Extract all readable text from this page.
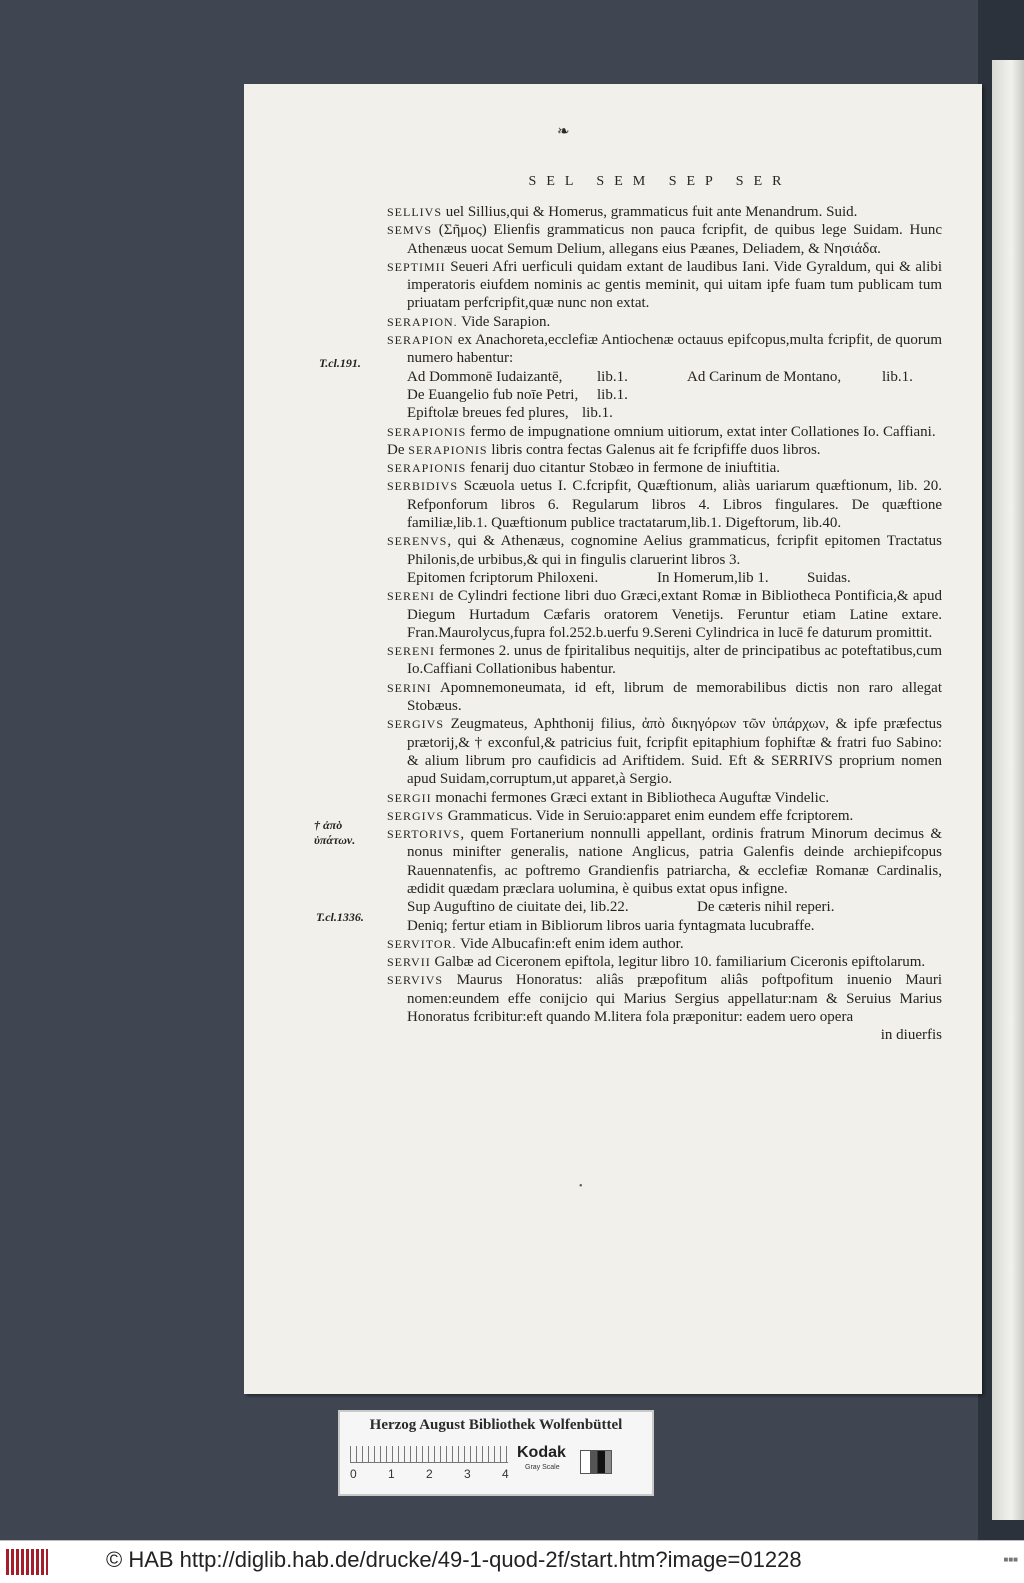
❧
SEL SEM SEP SER
T.cl.191.
† ἀπὸ ὑπάτων.
T.cl.1336.

SELLIVS uel Sillius,qui & Homerus, grammaticus fuit ante Menandrum. Suid.

SEMVS (Σῆμος) Elienfis grammaticus non pauca fcripfit, de quibus lege Suidam. Hunc Athenæus uocat Semum Delium, allegans eius Pæanes, Deliadem, & Νησιάδα.

SEPTIMII Seueri Afri uerficuli quidam extant de laudibus Iani. Vide Gyraldum, qui & alibi imperatoris eiufdem nominis ac gentis meminit, qui uitam ipfe fuam tum publicam tum priuatam perfcripfit,quæ nunc non extat.

SERAPION. Vide Sarapion.

SERAPION ex Anachoreta,ecclefiæ Antiochenæ octauus epifcopus,multa fcripfit, de quorum numero habentur:

Ad Dommonē Iudaizantē, lib.1.	Ad Carinum de Montano,	lib.1.
De Euangelio fub noīe Petri, lib.1.
Epiftolæ breues fed plures, lib.1.

SERAPIONIS fermo de impugnatione omnium uitiorum, extat inter Collationes Io. Caffiani.

De SERAPIONIS libris contra fectas Galenus ait fe fcripfiffe duos libros.

SERAPIONIS fenarij duo citantur Stobæo in fermone de iniuftitia.

SERBIDIVS Scæuola uetus I. C.fcripfit, Quæftionum, aliàs uariarum quæftionum, lib. 20. Refponforum libros 6. Regularum libros 4. Libros fingulares. De quæftione familiæ,lib.1. Quæftionum publice tractatarum,lib.1. Digeftorum, lib.40.

SERENVS, qui & Athenæus, cognomine Aelius grammaticus, fcripfit epitomen Tractatus Philonis,de urbibus,& qui in fingulis claruerint libros 3.

Epitomen fcriptorum Philoxeni.	In Homerum,lib 1.	Suidas.

SERENI de Cylindri fectione libri duo Græci,extant Romæ in Bibliotheca Pontificia,& apud Diegum Hurtadum Cæfaris oratorem Venetijs. Feruntur etiam Latine extare. Fran.Maurolycus,fupra fol.252.b.uerfu 9.Sereni Cylindrica in lucē fe daturum promittit.

SERENI fermones 2. unus de fpiritalibus nequitijs, alter de principatibus ac poteftatibus,cum Io.Caffiani Collationibus habentur.

SERINI Apomnemoneumata, id eft, librum de memorabilibus dictis non raro allegat Stobæus.

SERGIVS Zeugmateus, Aphthonij filius, ἀπὸ δικηγόρων τῶν ὑπάρχων, & ipfe præfectus prætorij,& † exconful,& patricius fuit, fcripfit epitaphium fophiftæ & fratri fuo Sabino: & alium librum pro caufidicis ad Ariftidem. Suid. Eft & SERRIVS proprium nomen apud Suidam,corruptum,ut apparet,à Sergio.

SERGII monachi fermones Græci extant in Bibliotheca Auguftæ Vindelic.

SERGIVS Grammaticus. Vide in Seruio:apparet enim eundem effe fcriptorem.

SERTORIVS, quem Fortanerium nonnulli appellant, ordinis fratrum Minorum decimus & nonus minifter generalis, natione Anglicus, patria Galenfis deinde archiepifcopus Rauennatenfis, ac poftremo Grandienfis patriarcha, & ecclefiæ Romanæ Cardinalis, ædidit quædam præclara uolumina, è quibus extat opus infigne.

Sup Auguftino de ciuitate dei, lib.22.	De cæteris nihil reperi.
Deniq; fertur etiam in Bibliorum libros uaria fyntagmata lucubraffe.

SERVITOR. Vide Albucafin:eft enim idem author.

SERVII Galbæ ad Ciceronem epiftola, legitur libro 10. familiarium Ciceronis epiftolarum.

SERVIVS Maurus Honoratus: aliâs præpofitum aliâs poftpofitum inuenio Mauri nomen:eundem effe conijcio qui Marius Sergius appellatur:nam & Seruius Marius Honoratus fcribitur:eft quando M.litera fola præponitur: eadem uero opera

in diuerfis
•
Herzog August Bibliothek Wolfenbüttel
0	1	2	3	4
Kodak
Gray Scale
© HAB http://diglib.hab.de/drucke/49-1-quod-2f/start.htm?image=01228	■■■
